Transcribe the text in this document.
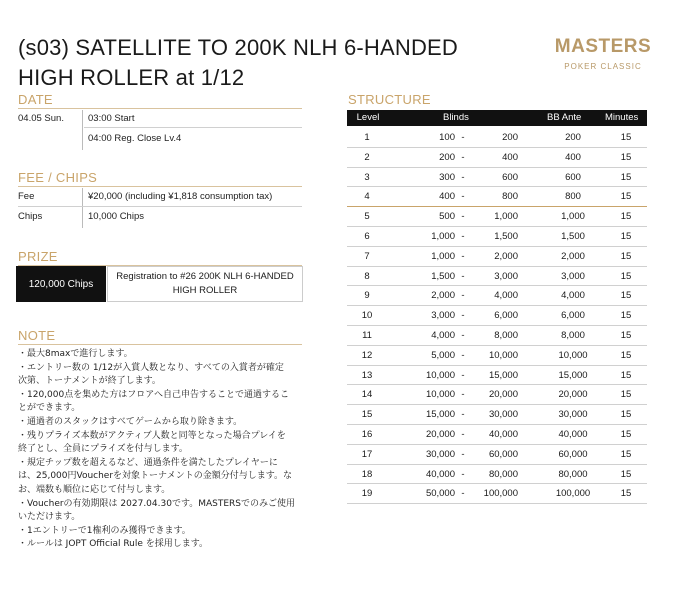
(s03) SATELLITE TO 200K NLH 6-HANDED
HIGH ROLLER at 1/12
MASTERS
POKER CLASSIC
DATE
04.05 Sun.	03:00 Start
04:00 Reg. Close Lv.4
FEE / CHIPS
Fee	¥20,000 (including ¥1,818 consumption tax)
Chips	10,000 Chips
PRIZE
120,000 Chips
Registration to #26 200K NLH 6-HANDED
HIGH ROLLER
NOTE
・最大8maxで進行します。
・エントリー数の 1/12が入賞人数となり、すべての入賞者が確定
次第、トーナメントが終了します。
・120,000点を集めた方はフロアへ自己申告することで通過するこ
とができます。
・通過者のスタックはすべてゲームから取り除きます。
・残りプライズ本数がアクティブ人数と同等となった場合プレイを
終了とし、全員にプライズを付与します。
・規定チップ数を超えるなど、通過条件を満たしたプレイヤーに
は、25,000円Voucherを対象トーナメントの金額分付与します。な
お、端数も順位に応じて付与します。
・Voucherの有効期限は 2027.04.30です。MASTERSでのみご使用
いただけます。
・1エントリーで1権利のみ獲得できます。
・ルールは JOPT Official Rule を採用します。
STRUCTURE
Level	Blinds	BB Ante Minutes
1	100 -	200	200	15
2	200 -	400	400	15
3	300 -	600	600	15
4	400 -	800	800	15
5	500 -	1,000	1,000	15
6	1,000 -	1,500	1,500	15
7	1,000 -	2,000	2,000	15
8	1,500 -	3,000	3,000	15
9	2,000 -	4,000	4,000	15
10	3,000 -	6,000	6,000	15
11	4,000 -	8,000	8,000	15
12	5,000 -	10,000	10,000	15
13	10,000 -	15,000	15,000	15
14	10,000 -	20,000	20,000	15
15	15,000 -	30,000	30,000	15
16	20,000 -	40,000	40,000	15
17	30,000 -	60,000	60,000	15
18	40,000 -	80,000	80,000	15
19	50,000 -	100,000	100,000	15
